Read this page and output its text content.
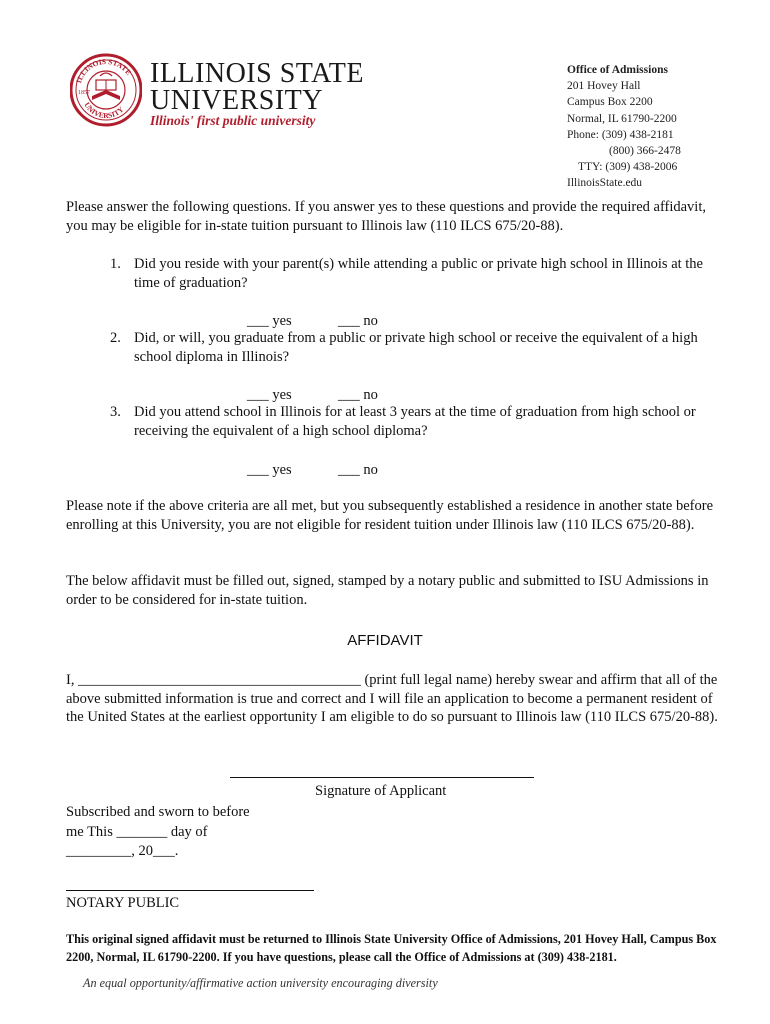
1857
ILLINOIS STATE
UNIVERSITY
ILLINOIS STATE
UNIVERSITY
Illinois' first public university
Office of Admissions
201 Hovey Hall
Campus Box 2200
Normal, IL 61790-2200
Phone: (309) 438-2181
(800) 366-2478
TTY: (309) 438-2006
IllinoisState.edu
Please answer the following questions. If you answer yes to these questions and provide the required affidavit, you may be eligible for in-state tuition pursuant to Illinois law (110 ILCS 675/20-88).
1. Did you reside with your parent(s) while attending a public or private high school in Illinois at the time of graduation?
___ yes	___ no
2. Did, or will, you graduate from a public or private high school or receive the equivalent of a high school diploma in Illinois?
___ yes	___ no
3. Did you attend school in Illinois for at least 3 years at the time of graduation from high school or receiving the equivalent of a high school diploma?
___ yes	___ no
Please note if the above criteria are all met, but you subsequently established a residence in another state before enrolling at this University, you are not eligible for resident tuition under Illinois law (110 ILCS 675/20-88).
The below affidavit must be filled out, signed, stamped by a notary public and submitted to ISU Admissions in order to be considered for in-state tuition.
AFFIDAVIT
I, _______________________________________ (print full legal name) hereby swear and affirm that all of the above submitted information is true and correct and I will file an application to become a permanent resident of the United States at the earliest opportunity I am eligible to do so pursuant to Illinois law (110 ILCS 675/20-88).
Signature of Applicant
Subscribed and sworn to before
me This _______ day of
_________, 20___.
NOTARY PUBLIC
This original signed affidavit must be returned to Illinois State University Office of Admissions, 201 Hovey Hall, Campus Box 2200, Normal, IL 61790-2200. If you have questions, please call the Office of Admissions at (309) 438-2181.
An equal opportunity/affirmative action university encouraging diversity
